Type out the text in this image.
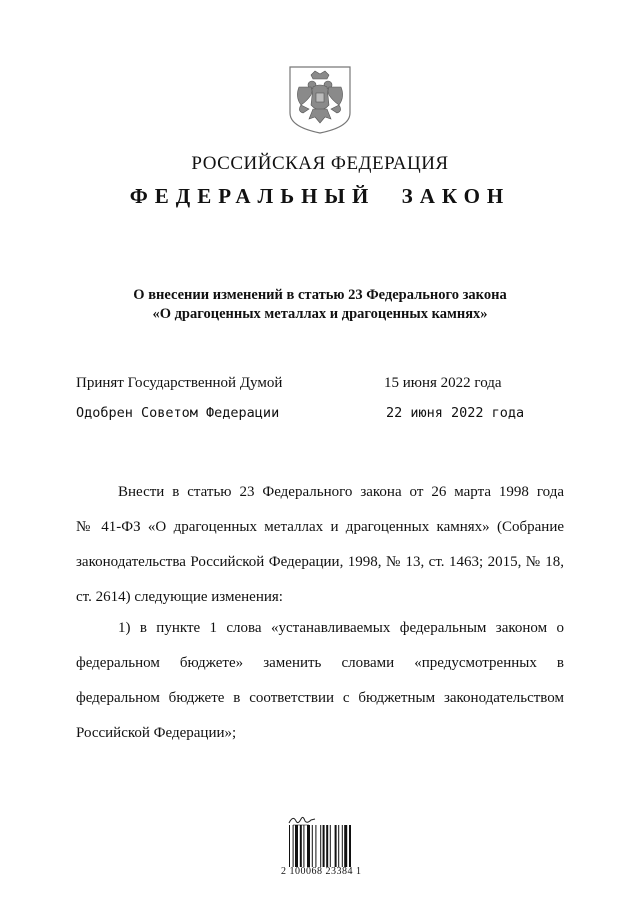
РОССИЙСКАЯ ФЕДЕРАЦИЯ
ФЕДЕРАЛЬНЫЙ ЗАКОН
О внесении изменений в статью 23 Федерального закона
«О драгоценных металлах и драгоценных камнях»
Принят Государственной Думой	15 июня 2022 года
Одобрен Советом Федерации	22 июня 2022 года
Внести в статью 23 Федерального закона от 26 марта 1998 года
№ 41-ФЗ «О драгоценных металлах и драгоценных камнях» (Собрание
законодательства Российской Федерации, 1998, № 13, ст. 1463; 2015, № 18,
ст. 2614) следующие изменения:
1) в пункте 1 слова «устанавливаемых федеральным законом о
федеральном бюджете» заменить словами «предусмотренных в
федеральном бюджете в соответствии с бюджетным законодательством
Российской Федерации»;
2 100068 23384 1
